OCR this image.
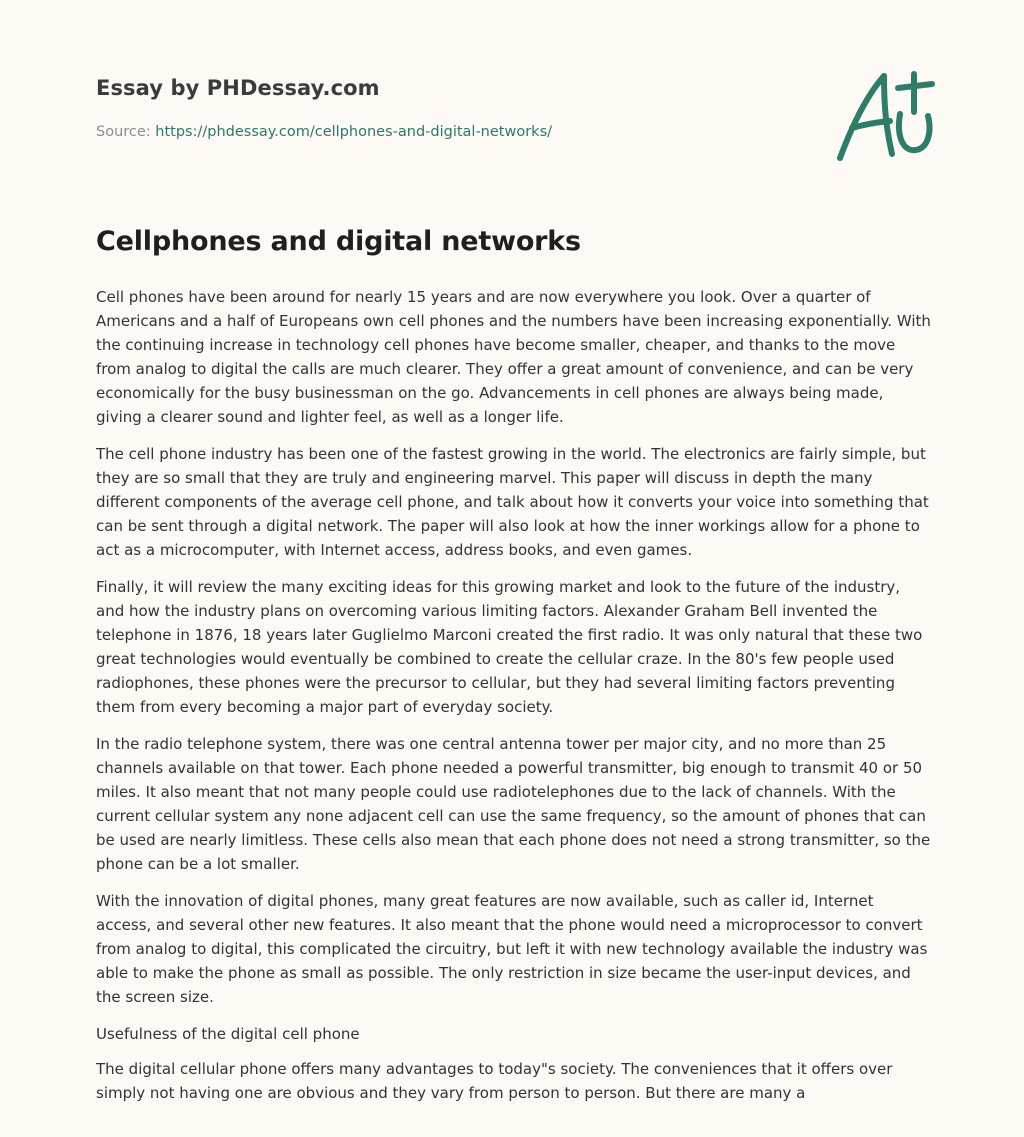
Essay by PHDessay.com
Source: https://phdessay.com/cellphones-and-digital-networks/
Cellphones and digital networks

Cell phones have been around for nearly 15 years and are now everywhere you look. Over a quarter of Americans and a half of Europeans own cell phones and the numbers have been increasing exponentially. With the continuing increase in technology cell phones have become smaller, cheaper, and thanks to the move from analog to digital the calls are much clearer. They offer a great amount of convenience, and can be very economically for the busy businessman on the go. Advancements in cell phones are always being made, giving a clearer sound and lighter feel, as well as a longer life.

The cell phone industry has been one of the fastest growing in the world. The electronics are fairly simple, but they are so small that they are truly and engineering marvel. This paper will discuss in depth the many different components of the average cell phone, and talk about how it converts your voice into something that can be sent through a digital network. The paper will also look at how the inner workings allow for a phone to act as a microcomputer, with Internet access, address books, and even games.

Finally, it will review the many exciting ideas for this growing market and look to the future of the industry, and how the industry plans on overcoming various limiting factors. Alexander Graham Bell invented the telephone in 1876, 18 years later Guglielmo Marconi created the first radio. It was only natural that these two great technologies would eventually be combined to create the cellular craze. In the 80's few people used radiophones, these phones were the precursor to cellular, but they had several limiting factors preventing them from every becoming a major part of everyday society.

In the radio telephone system, there was one central antenna tower per major city, and no more than 25 channels available on that tower. Each phone needed a powerful transmitter, big enough to transmit 40 or 50 miles. It also meant that not many people could use radiotelephones due to the lack of channels. With the current cellular system any none adjacent cell can use the same frequency, so the amount of phones that can be used are nearly limitless. These cells also mean that each phone does not need a strong transmitter, so the phone can be a lot smaller.

With the innovation of digital phones, many great features are now available, such as caller id, Internet access, and several other new features. It also meant that the phone would need a microprocessor to convert from analog to digital, this complicated the circuitry, but left it with new technology available the industry was able to make the phone as small as possible. The only restriction in size became the user-input devices, and the screen size.

Usefulness of the digital cell phone

The digital cellular phone offers many advantages to today"s society. The conveniences that it offers over simply not having one are obvious and they vary from person to person. But there are many a
